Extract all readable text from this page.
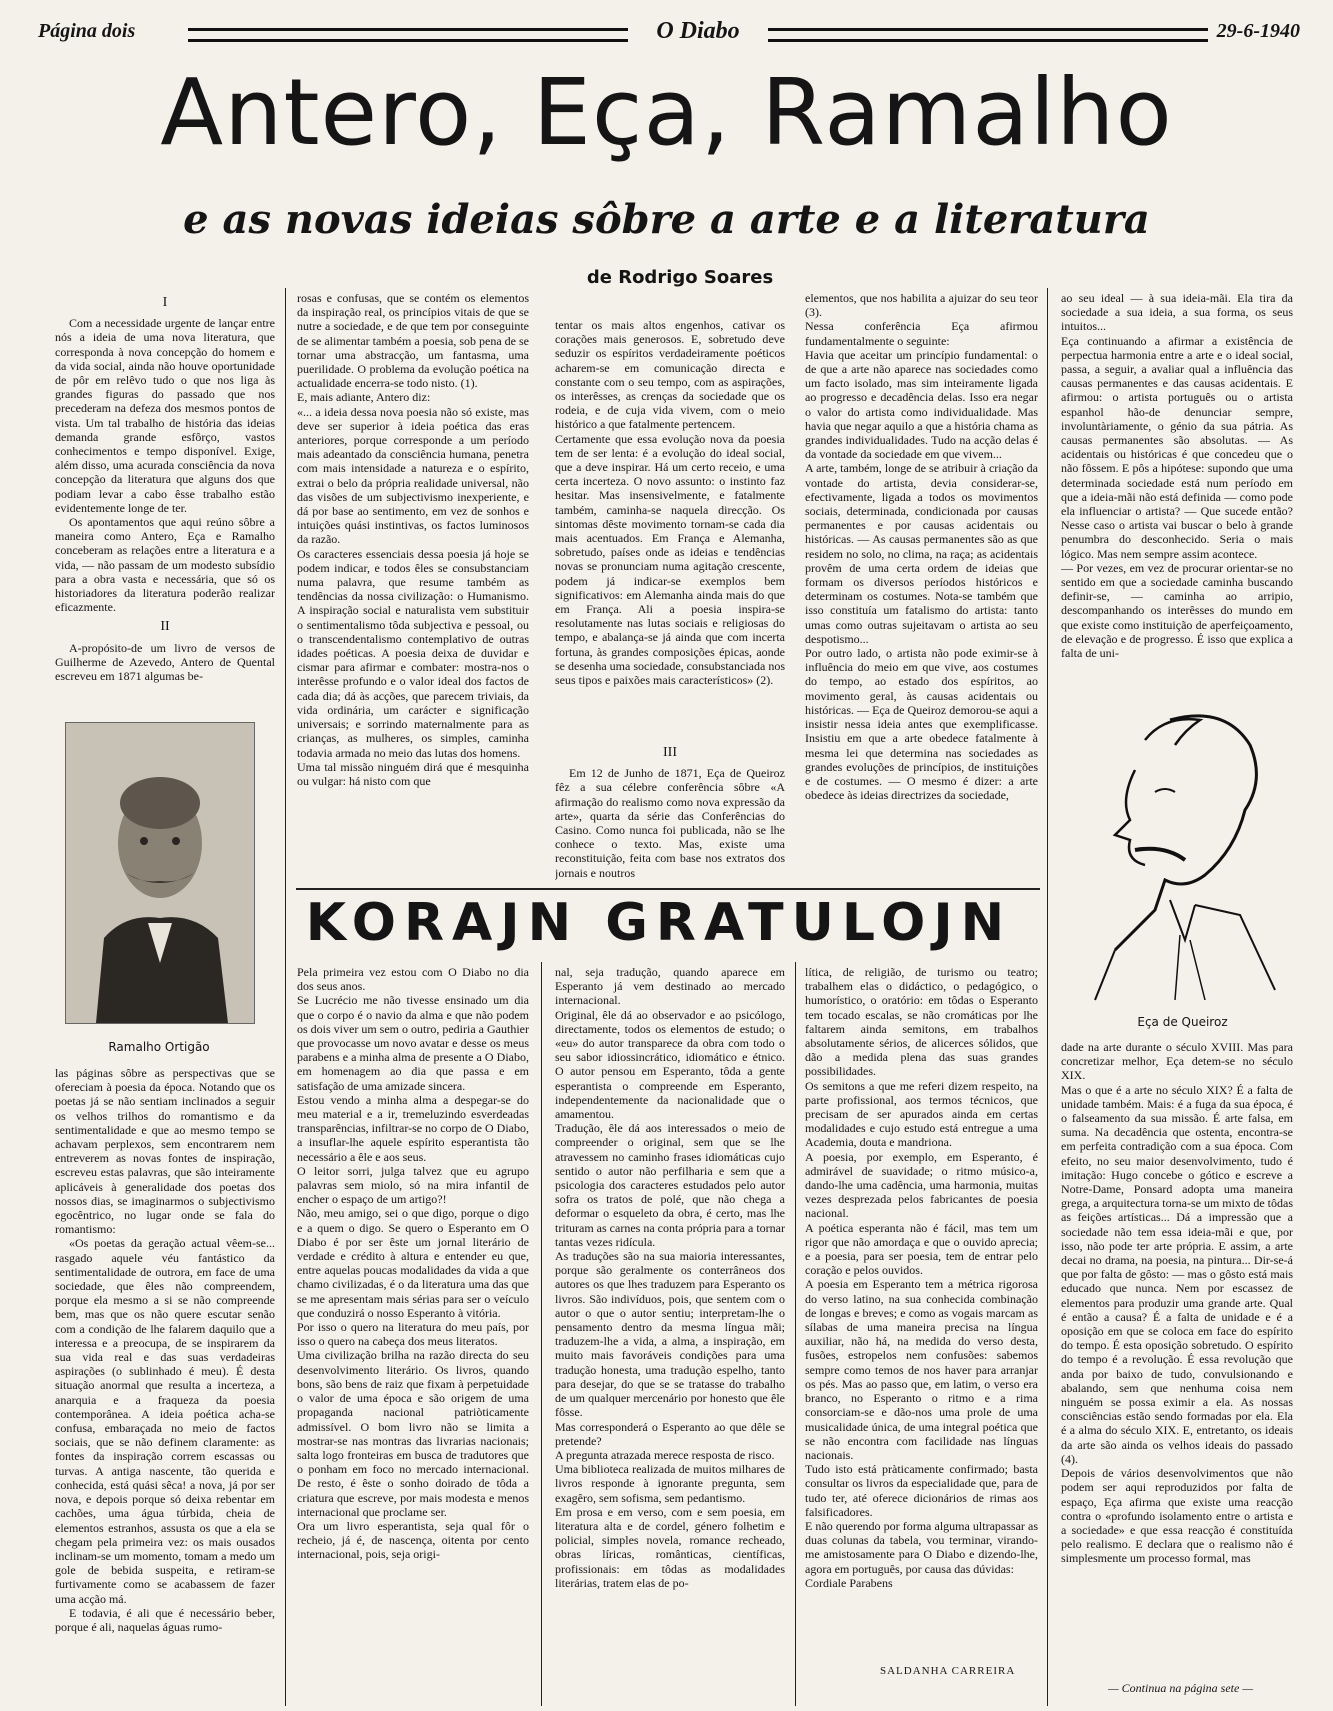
Página dois	O Diabo	29-6-1940
Antero, Eça, Ramalho
e as novas ideias sôbre a arte e a literatura
de Rodrigo Soares

I

Com a necessidade urgente de lançar entre nós a ideia de uma nova literatura, que corresponda à nova concepção do homem e da vida social, ainda não houve oportunidade de pôr em relêvo tudo o que nos liga às grandes figuras do passado que nos precederam na defeza dos mesmos pontos de vista. Um tal trabalho de história das ideias demanda grande esfôrço, vastos conhecimentos e tempo disponível. Exige, além disso, uma acurada consciência da nova concepção da literatura que alguns dos que podiam levar a cabo êsse trabalho estão evidentemente longe de ter.

Os apontamentos que aqui reúno sôbre a maneira como Antero, Eça e Ramalho conceberam as relações entre a literatura e a vida, — não passam de um modesto subsídio para a obra vasta e necessária, que só os historiadores da literatura poderão realizar eficazmente.

II

A-propósito-de um livro de versos de Guilherme de Azevedo, Antero de Quental escreveu em 1871 algumas be-

Ramalho Ortigão

las páginas sôbre as perspectivas que se ofereciam à poesia da época. Notando que os poetas já se não sentiam inclinados a seguir os velhos trilhos do romantismo e da sentimentalidade e que ao mesmo tempo se achavam perplexos, sem encontrarem nem entreverem as novas fontes de inspiração, escreveu estas palavras, que são inteiramente aplicáveis à generalidade dos poetas dos nossos dias, se imaginarmos o subjectivismo egocêntrico, no lugar onde se fala do romantismo:

«Os poetas da geração actual vêem-se... rasgado aquele véu fantástico da sentimentalidade de outrora, em face de uma sociedade, que êles não compreendem, porque ela mesmo a si se não compreende bem, mas que os não quere escutar senão com a condição de lhe falarem daquilo que a interessa e a preocupa, de se inspirarem da sua vida real e das suas verdadeiras aspirações (o sublinhado é meu). É desta situação anormal que resulta a incerteza, a anarquia e a fraqueza da poesia contemporânea. A ideia poética acha-se confusa, embaraçada no meio de factos sociais, que se não definem claramente: as fontes da inspiração correm escassas ou turvas. A antiga nascente, tão querida e conhecida, está quási sêca! a nova, já por ser nova, e depois porque só deixa rebentar em cachões, uma água túrbida, cheia de elementos estranhos, assusta os que a ela se chegam pela primeira vez: os mais ousados inclinam-se um momento, tomam a medo um gole de bebida suspeita, e retiram-se furtivamente como se acabassem de fazer uma acção má.

E todavia, é ali que é necessário beber, porque é ali, naquelas águas rumo-

rosas e confusas, que se contém os elementos da inspiração real, os princípios vitais de que se nutre a sociedade, e de que tem por conseguinte de se alimentar também a poesia, sob pena de se tornar uma abstracção, um fantasma, uma puerilidade. O problema da evolução poética na actualidade encerra-se todo nisto. (1).
E, mais adiante, Antero diz:
«... a ideia dessa nova poesia não só existe, mas deve ser superior à ideia poética das eras anteriores, porque corresponde a um período mais adeantado da consciência humana, penetra com mais intensidade a natureza e o espírito, extrai o belo da própria realidade universal, não das visões de um subjectivismo inexperiente, e dá por base ao sentimento, em vez de sonhos e intuições quási instintivas, os factos luminosos da razão.
Os caracteres essenciais dessa poesia já hoje se podem indicar, e todos êles se consubstanciam numa palavra, que resume também as tendências da nossa civilização: o Humanismo. A inspiração social e naturalista vem substituir o sentimentalismo tôda subjectiva e pessoal, ou o transcendentalismo contemplativo de outras idades poéticas. A poesia deixa de duvidar e cismar para afirmar e combater: mostra-nos o interêsse profundo e o valor ideal dos factos de cada dia; dá às acções, que parecem triviais, da vida ordinária, um carácter e significação universais; e sorrindo maternalmente para as crianças, as mulheres, os simples, caminha todavia armada no meio das lutas dos homens.
Uma tal missão ninguém dirá que é mesquinha ou vulgar: há nisto com que
tentar os mais altos engenhos, cativar os corações mais generosos. E, sobretudo deve seduzir os espíritos verdadeiramente poéticos acharem-se em comunicação directa e constante com o seu tempo, com as aspirações, os interêsses, as crenças da sociedade que os rodeia, e de cuja vida vivem, com o meio histórico a que fatalmente pertencem.
Certamente que essa evolução nova da poesia tem de ser lenta: é a evolução do ideal social, que a deve inspirar. Há um certo receio, e uma certa incerteza. O novo assunto: o instinto faz hesitar. Mas insensivelmente, e fatalmente também, caminha-se naquela direcção. Os sintomas dêste movimento tornam-se cada dia mais acentuados. Em França e Alemanha, sobretudo, países onde as ideias e tendências novas se pronunciam numa agitação crescente, podem já indicar-se exemplos bem significativos: em Alemanha ainda mais do que em França. Ali a poesia inspira-se resolutamente nas lutas sociais e religiosas do tempo, e abalança-se já ainda que com incerta fortuna, às grandes composições épicas, aonde se desenha uma sociedade, consubstanciada nos seus tipos e paixões mais característicos» (2).

III

Em 12 de Junho de 1871, Eça de Queiroz fêz a sua célebre conferência sôbre «A afirmação do realismo como nova expressão da arte», quarta da série das Conferências do Casino. Como nunca foi publicada, não se lhe conhece o texto. Mas, existe uma reconstituição, feita com base nos extratos dos jornais e noutros

elementos, que nos habilita a ajuizar do seu teor (3).
Nessa conferência Eça afirmou fundamentalmente o seguinte:
Havia que aceitar um princípio fundamental: o de que a arte não aparece nas sociedades como um facto isolado, mas sim inteiramente ligada ao progresso e decadência delas. Isso era negar o valor do artista como individualidade. Mas havia que negar aquilo a que a história chama as grandes individualidades. Tudo na acção delas é da vontade da sociedade em que vivem...
A arte, também, longe de se atribuir à criação da vontade do artista, devia considerar-se, efectivamente, ligada a todos os movimentos sociais, determinada, condicionada por causas permanentes e por causas acidentais ou históricas. — As causas permanentes são as que residem no solo, no clima, na raça; as acidentais provêm de uma certa ordem de ideias que formam os diversos períodos históricos e determinam os costumes. Nota-se também que isso constituía um fatalismo do artista: tanto umas como outras sujeitavam o artista ao seu despotismo...
Por outro lado, o artista não pode eximir-se à influência do meio em que vive, aos costumes do tempo, ao estado dos espíritos, ao movimento geral, às causas acidentais ou históricas. — Eça de Queiroz demorou-se aqui a insistir nessa ideia antes que exemplificasse. Insistiu em que a arte obedece fatalmente à mesma lei que determina nas sociedades as grandes evoluções de princípios, de instituições e de costumes. — O mesmo é dizer: a arte obedece às ideias directrizes da sociedade,
ao seu ideal — à sua ideia-mãi. Ela tira da sociedade a sua ideia, a sua forma, os seus intuitos...
Eça continuando a afirmar a existência de perpectua harmonia entre a arte e o ideal social, passa, a seguir, a avaliar qual a influência das causas permanentes e das causas acidentais. E afirmou: o artista português ou o artista espanhol hão-de denunciar sempre, involuntàriamente, o génio da sua pátria. As causas permanentes são absolutas. — As acidentais ou históricas é que concedeu que o não fôssem. E pôs a hipótese: supondo que uma determinada sociedade está num período em que a ideia-mãi não está definida — como pode ela influenciar o artista? — Que sucede então? Nesse caso o artista vai buscar o belo à grande penumbra do desconhecido. Seria o mais lógico. Mas nem sempre assim acontece.
— Por vezes, em vez de procurar orientar-se no sentido em que a sociedade caminha buscando definir-se, — caminha ao arripio, descompanhando os interêsses do mundo em que existe como instituição de aperfeiçoamento, de elevação e de progresso. É isso que explica a falta de uni-
Eça de Queiroz
dade na arte durante o século XVIII. Mas para concretizar melhor, Eça detem-se no século XIX.
Mas o que é a arte no século XIX? É a falta de unidade também. Mais: é a fuga da sua época, é o falseamento da sua missão. É arte falsa, em suma. Na decadência que ostenta, encontra-se em perfeita contradição com a sua época. Com efeito, no seu maior desenvolvimento, tudo é imitação: Hugo concebe o gótico e escreve a Notre-Dame, Ponsard adopta uma maneira grega, a arquitectura torna-se um mixto de tôdas as feições artísticas... Dá a impressão que a sociedade não tem essa ideia-mãi e que, por isso, não pode ter arte própria. E assim, a arte decai no drama, na poesia, na pintura... Dir-se-á que por falta de gôsto: — mas o gôsto está mais educado que nunca. Nem por escassez de elementos para produzir uma grande arte. Qual é então a causa? É a falta de unidade e é a oposição em que se coloca em face do espírito do tempo. É esta oposição sobretudo. O espírito do tempo é a revolução. É essa revolução que anda por baixo de tudo, convulsionando e abalando, sem que nenhuma coisa nem ninguém se possa eximir a ela. As nossas consciências estão sendo formadas por ela. Ela é a alma do século XIX. E, entretanto, os ideais da arte são ainda os velhos ideais do passado (4).
Depois de vários desenvolvimentos que não podem ser aqui reproduzidos por falta de espaço, Eça afirma que existe uma reacção contra o «profundo isolamento entre o artista e a sociedade» e que essa reacção é constituída pelo realismo. E declara que o realismo não é simplesmente um processo formal, mas
— Continua na página sete —
KORAJN GRATULOJN
Pela primeira vez estou com O Diabo no dia dos seus anos.
Se Lucrécio me não tivesse ensinado um dia que o corpo é o navio da alma e que não podem os dois viver um sem o outro, pediria a Gauthier que provocasse um novo avatar e desse os meus parabens e a minha alma de presente a O Diabo, em homenagem ao dia que passa e em satisfação de uma amizade sincera.
Estou vendo a minha alma a despegar-se do meu material e a ir, tremeluzindo esverdeadas transparências, infiltrar-se no corpo de O Diabo, a insuflar-lhe aquele espírito esperantista tão necessário a êle e aos seus.
O leitor sorri, julga talvez que eu agrupo palavras sem miolo, só na mira infantil de encher o espaço de um artigo?!
Não, meu amigo, sei o que digo, porque o digo e a quem o digo. Se quero o Esperanto em O Diabo é por ser êste um jornal literário de verdade e crédito à altura e entender eu que, entre aquelas poucas modalidades da vida a que chamo civilizadas, é o da literatura uma das que se me apresentam mais sérias para ser o veículo que conduzirá o nosso Esperanto à vitória.
Por isso o quero na literatura do meu país, por isso o quero na cabeça dos meus literatos.
Uma civilização brilha na razão directa do seu desenvolvimento literário. Os livros, quando bons, são bens de raiz que fixam à perpetuidade o valor de uma época e são origem de uma propaganda nacional patriòticamente admissível. O bom livro não se limita a mostrar-se nas montras das livrarias nacionais; salta logo fronteiras em busca de tradutores que o ponham em foco no mercado internacional. De resto, é êste o sonho doirado de tôda a criatura que escreve, por mais modesta e menos internacional que proclame ser.
Ora um livro esperantista, seja qual fôr o recheio, já é, de nascença, oitenta por cento internacional, pois, seja origi-
nal, seja tradução, quando aparece em Esperanto já vem destinado ao mercado internacional.
Original, êle dá ao observador e ao psicólogo, directamente, todos os elementos de estudo; o «eu» do autor transparece da obra com todo o seu sabor idiossincrático, idiomático e étnico. O autor pensou em Esperanto, tôda a gente esperantista o compreende em Esperanto, independentemente da nacionalidade que o amamentou.
Tradução, êle dá aos interessados o meio de compreender o original, sem que se lhe atravessem no caminho frases idiomáticas cujo sentido o autor não perfilharia e sem que a psicologia dos caracteres estudados pelo autor sofra os tratos de polé, que não chega a deformar o esqueleto da obra, é certo, mas lhe trituram as carnes na conta própria para a tornar tantas vezes ridícula.
As traduções são na sua maioria interessantes, porque são geralmente os conterrâneos dos autores os que lhes traduzem para Esperanto os livros. São indivíduos, pois, que sentem com o autor o que o autor sentiu; interpretam-lhe o pensamento dentro da mesma língua mãi; traduzem-lhe a vida, a alma, a inspiração, em muito mais favoráveis condições para uma tradução honesta, uma tradução espelho, tanto para desejar, do que se se tratasse do trabalho de um qualquer mercenário por honesto que êle fôsse.
Mas corresponderá o Esperanto ao que dêle se pretende?
A pregunta atrazada merece resposta de risco.
Uma biblioteca realizada de muitos milhares de livros responde à ignorante pregunta, sem exagêro, sem sofisma, sem pedantismo.
Em prosa e em verso, com e sem poesia, em literatura alta e de cordel, género folhetim e policial, simples novela, romance recheado, obras líricas, românticas, científicas, profissionais: em tôdas as modalidades literárias, tratem elas de po-
lítica, de religião, de turismo ou teatro; trabalhem elas o didáctico, o pedagógico, o humorístico, o oratório: em tôdas o Esperanto tem tocado escalas, se não cromáticas por lhe faltarem ainda semitons, em trabalhos absolutamente sérios, de alicerces sólidos, que dão a medida plena das suas grandes possibilidades.
Os semitons a que me referi dizem respeito, na parte profissional, aos termos técnicos, que precisam de ser apurados ainda em certas modalidades e cujo estudo está entregue a uma Academia, douta e mandriona.
A poesia, por exemplo, em Esperanto, é admirável de suavidade; o ritmo músico-a, dando-lhe uma cadência, uma harmonia, muitas vezes desprezada pelos fabricantes de poesia nacional.
A poética esperanta não é fácil, mas tem um rigor que não amordaça e que o ouvido aprecia; e a poesia, para ser poesia, tem de entrar pelo coração e pelos ouvidos.
A poesia em Esperanto tem a métrica rigorosa do verso latino, na sua conhecida combinação de longas e breves; e como as vogais marcam as sílabas de uma maneira precisa na língua auxiliar, não há, na medida do verso desta, fusões, estropelos nem confusões: sabemos sempre como temos de nos haver para arranjar os pés. Mas ao passo que, em latim, o verso era branco, no Esperanto o ritmo e a rima consorciam-se e dão-nos uma prole de uma musicalidade única, de uma integral poética que se não encontra com facilidade nas línguas nacionais.
Tudo isto está pràticamente confirmado; basta consultar os livros da especialidade que, para de tudo ter, até oferece dicionários de rimas aos falsificadores.
E não querendo por forma alguma ultrapassar as duas colunas da tabela, vou terminar, virando-me amistosamente para O Diabo e dizendo-lhe, agora em português, por causa das dúvidas:
Cordiale Parabens
SALDANHA CARREIRA
